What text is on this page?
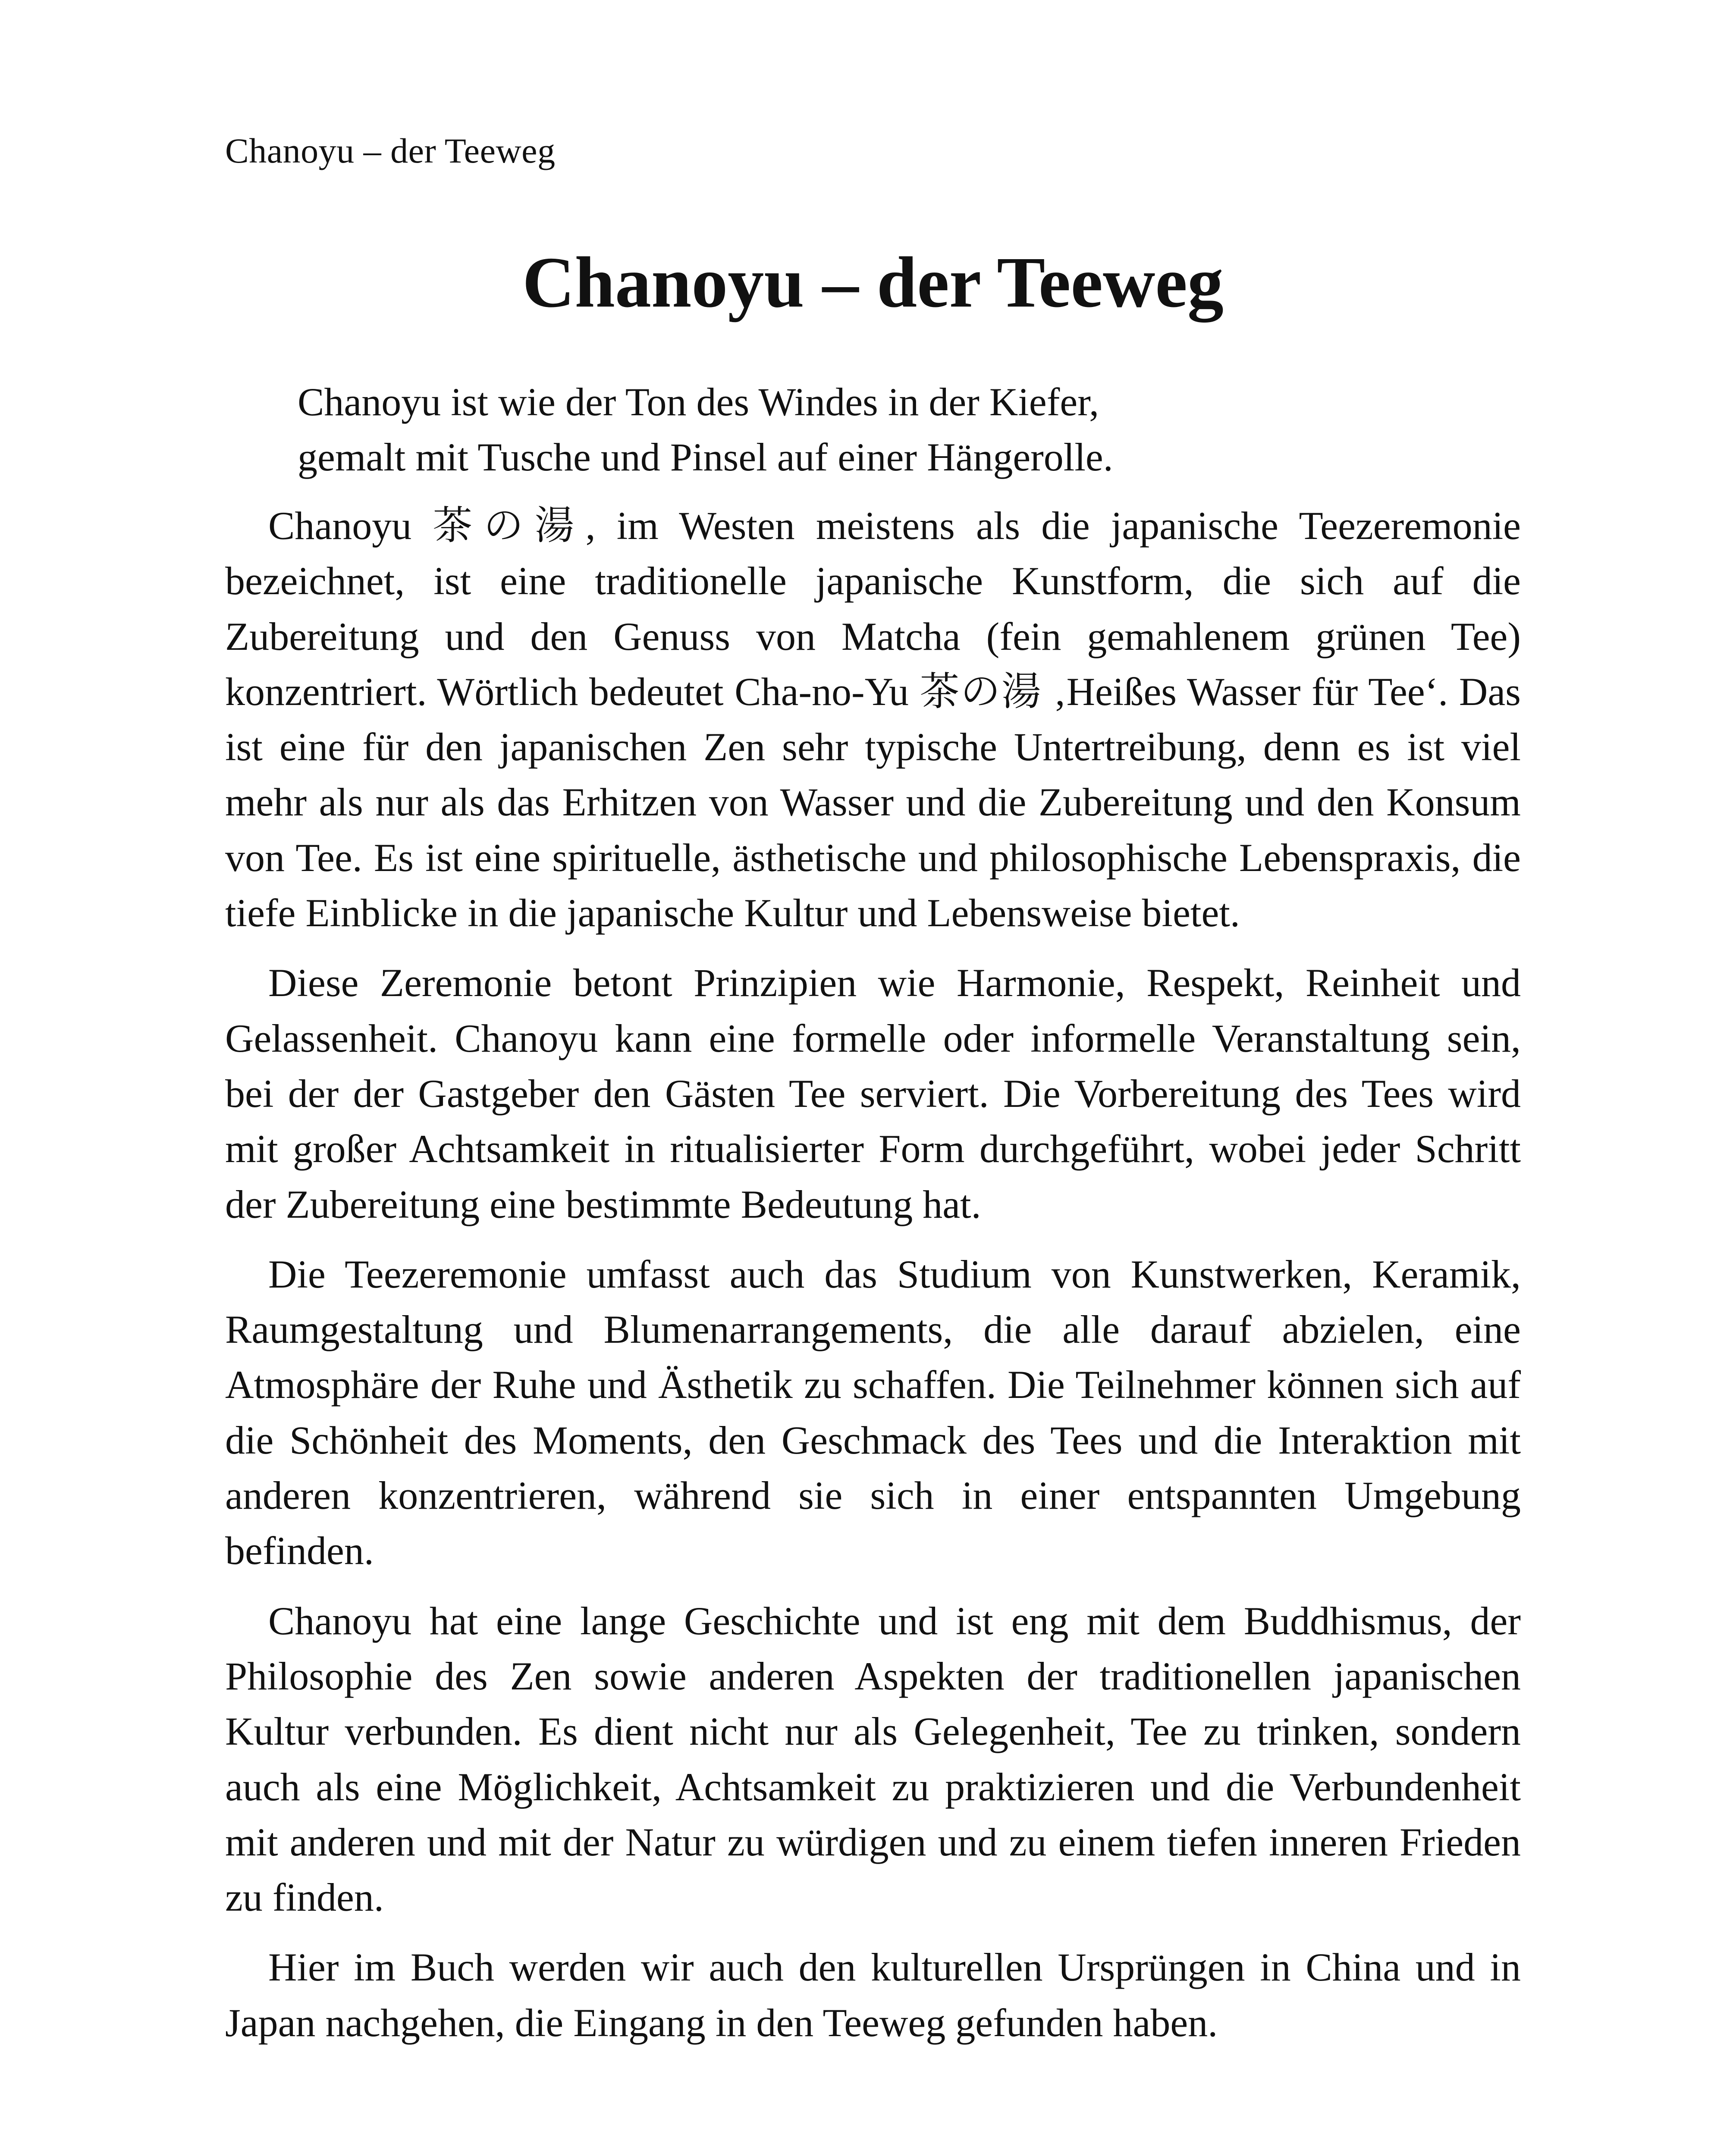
Chanoyu – der Teeweg
Chanoyu – der Teeweg
Chanoyu ist wie der Ton des Windes in der Kiefer,
gemalt mit Tusche und Pinsel auf einer Hängerolle.

Chanoyu 茶の湯, im Westen meistens als die japanische Teezeremonie bezeichnet, ist eine traditionelle japanische Kunstform, die sich auf die Zubereitung und den Genuss von Matcha (fein gemahlenem grünen Tee) konzentriert. Wörtlich bedeutet Cha-no-Yu 茶の湯 ‚Heißes Wasser für Tee‘. Das ist eine für den japanischen Zen sehr typische Untertreibung, denn es ist viel mehr als nur als das Erhitzen von Wasser und die Zubereitung und den Konsum von Tee. Es ist eine spirituelle, ästhetische und philosophische Lebenspraxis, die tiefe Einblicke in die japanische Kultur und Lebensweise bietet.

Diese Zeremonie betont Prinzipien wie Harmonie, Respekt, Reinheit und Gelassenheit. Chanoyu kann eine formelle oder informelle Veranstaltung sein, bei der der Gastgeber den Gästen Tee serviert. Die Vorbereitung des Tees wird mit großer Achtsamkeit in ritualisierter Form durchgeführt, wobei jeder Schritt der Zubereitung eine bestimmte Bedeutung hat.

Die Teezeremonie umfasst auch das Studium von Kunstwerken, Keramik, Raumgestaltung und Blumenarrangements, die alle darauf abzielen, eine Atmosphäre der Ruhe und Ästhetik zu schaffen. Die Teilnehmer können sich auf die Schönheit des Moments, den Geschmack des Tees und die Interaktion mit anderen konzentrieren, während sie sich in einer entspannten Umgebung befinden.

Chanoyu hat eine lange Geschichte und ist eng mit dem Buddhismus, der Philosophie des Zen sowie anderen Aspekten der traditionellen japanischen Kultur verbunden. Es dient nicht nur als Gelegenheit, Tee zu trinken, sondern auch als eine Möglichkeit, Achtsamkeit zu praktizieren und die Verbundenheit mit anderen und mit der Natur zu würdigen und zu einem tiefen inneren Frieden zu finden.

Hier im Buch werden wir auch den kulturellen Ursprüngen in China und in Japan nachgehen, die Eingang in den Teeweg gefunden haben.
